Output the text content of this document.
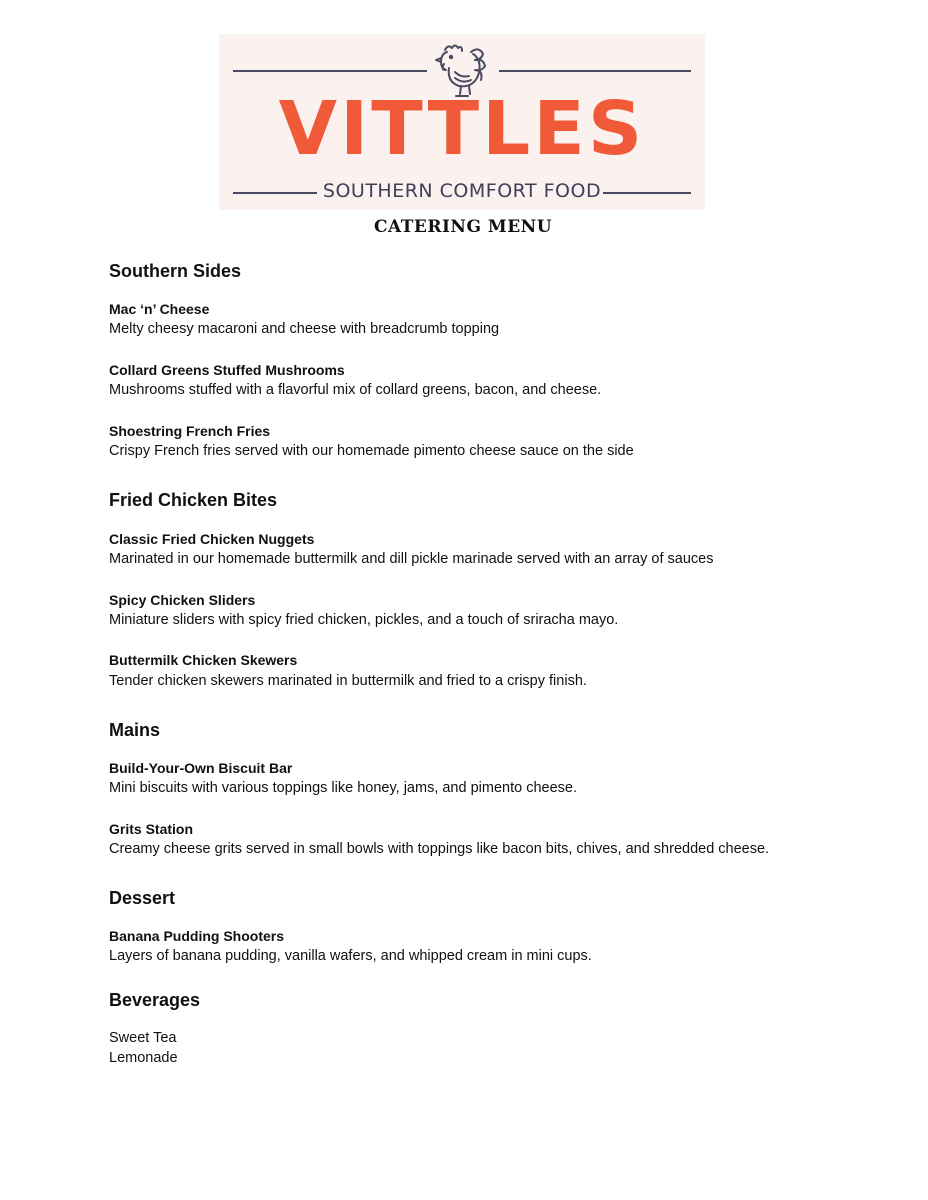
VITTLES
SOUTHERN COMFORT FOOD
CATERING MENU
Southern Sides
Mac ‘n’ Cheese
Melty cheesy macaroni and cheese with breadcrumb topping
Collard Greens Stuffed Mushrooms
Mushrooms stuffed with a flavorful mix of collard greens, bacon, and cheese.
Shoestring French Fries
Crispy French fries served with our homemade pimento cheese sauce on the side
Fried Chicken Bites
Classic Fried Chicken Nuggets
Marinated in our homemade buttermilk and dill pickle marinade served with an array of sauces
Spicy Chicken Sliders
Miniature sliders with spicy fried chicken, pickles, and a touch of sriracha mayo.
Buttermilk Chicken Skewers
Tender chicken skewers marinated in buttermilk and fried to a crispy finish.
Mains
Build-Your-Own Biscuit Bar
Mini biscuits with various toppings like honey, jams, and pimento cheese.
Grits Station
Creamy cheese grits served in small bowls with toppings like bacon bits, chives, and shredded cheese.
Dessert
Banana Pudding Shooters
Layers of banana pudding, vanilla wafers, and whipped cream in mini cups.
Beverages
Sweet Tea
Lemonade
